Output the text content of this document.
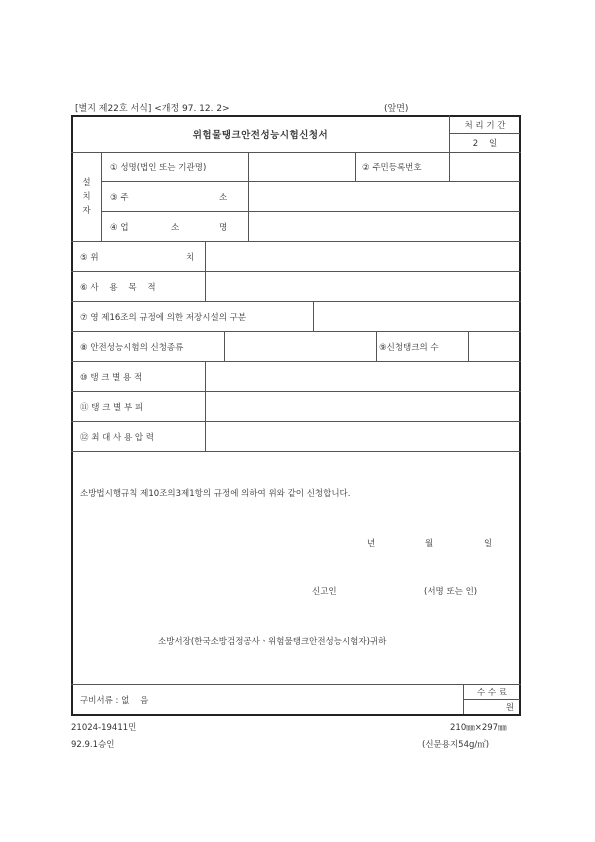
[별지 제22호 서식] <개정 97. 12. 2>	(앞면)
위험물탱크안전성능시험신청서
처 리 기 간
2    일
설치자
① 성명(법인 또는 기관명)	② 주민등록번호
③ 주	소
④ 업	소	명
⑤ 위	치
⑥ 사    용    목    적
⑦ 영 제16조의 규정에 의한 저장시설의 구분
⑧ 안전성능시험의 신청종류	⑨신청탱크의 수
⑩ 탱 크 별 용 적
⑪ 탱 크 별 부 피
⑫ 최 대 사 용 압 력
소방법시행규칙 제10조의3제1항의 규정에 의하여 위와 같이 신청합니다.
년	월	일
신고인	(서명 또는 인)
소방서장(한국소방검정공사ㆍ위험물탱크안전성능시험자)귀하
구비서류 : 없    음
수 수 료
원
21024-19411민
92.9.1승인
210㎜×297㎜
(신문용지54g/㎡)
